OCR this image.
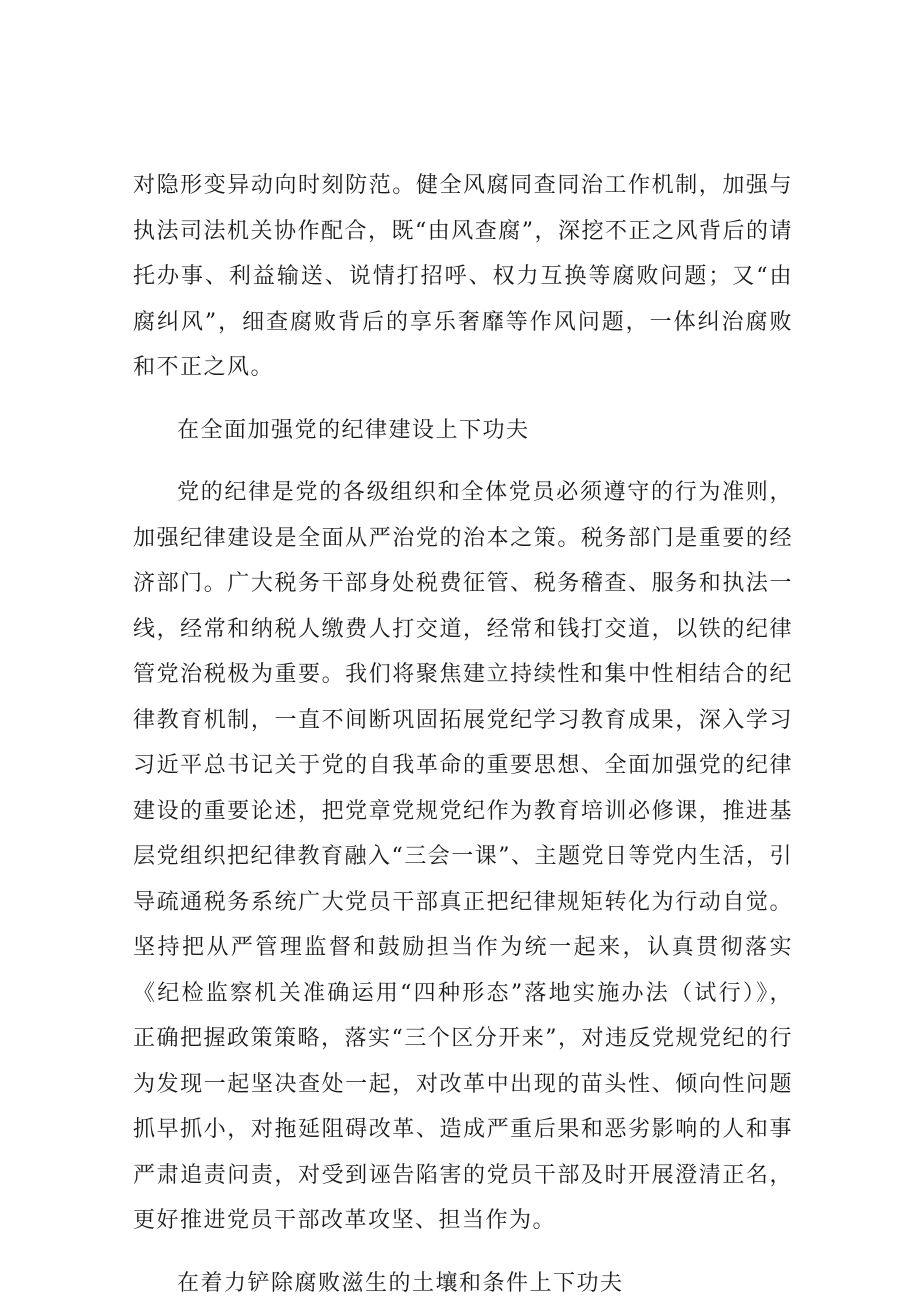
对隐形变异动向时刻防范。健全风腐同查同治工作机制，加强与执法司法机关协作配合，既“由风查腐”，深挖不正之风背后的请托办事、利益输送、说情打招呼、权力互换等腐败问题；又“由腐纠风”，细查腐败背后的享乐奢靡等作风问题，一体纠治腐败和不正之风。

在全面加强党的纪律建设上下功夫

党的纪律是党的各级组织和全体党员必须遵守的行为准则，加强纪律建设是全面从严治党的治本之策。税务部门是重要的经济部门。广大税务干部身处税费征管、税务稽查、服务和执法一线，经常和纳税人缴费人打交道，经常和钱打交道，以铁的纪律管党治税极为重要。我们将聚焦建立持续性和集中性相结合的纪律教育机制，一直不间断巩固拓展党纪学习教育成果，深入学习习近平总书记关于党的自我革命的重要思想、全面加强党的纪律建设的重要论述，把党章党规党纪作为教育培训必修课，推进基层党组织把纪律教育融入“三会一课”、主题党日等党内生活，引导疏通税务系统广大党员干部真正把纪律规矩转化为行动自觉。坚持把从严管理监督和鼓励担当作为统一起来，认真贯彻落实《纪检监察机关准确运用“四种形态”落地实施办法（试行）》，正确把握政策策略，落实“三个区分开来”，对违反党规党纪的行为发现一起坚决查处一起，对改革中出现的苗头性、倾向性问题抓早抓小，对拖延阻碍改革、造成严重后果和恶劣影响的人和事严肃追责问责，对受到诬告陷害的党员干部及时开展澄清正名，更好推进党员干部改革攻坚、担当作为。

在着力铲除腐败滋生的土壤和条件上下功夫
